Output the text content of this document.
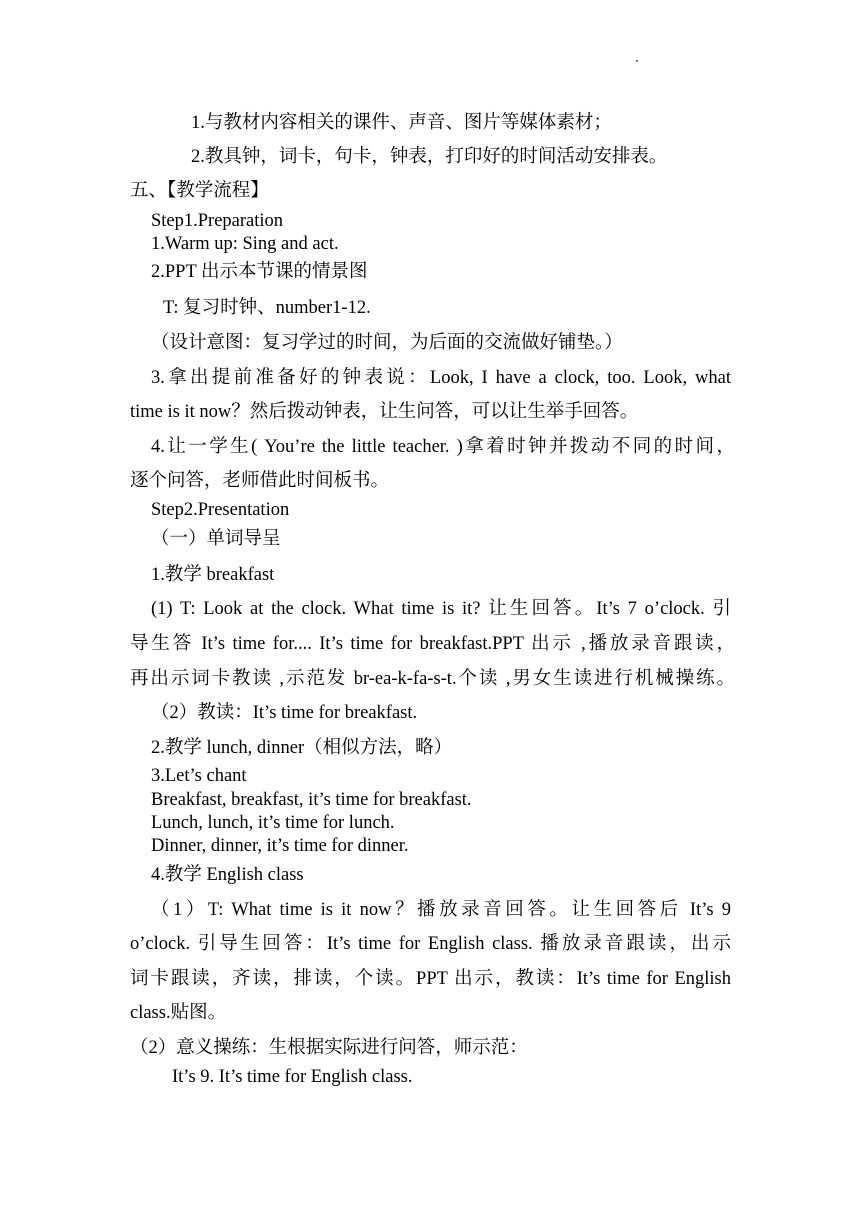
1.与教材内容相关的课件、声音、图片等媒体素材；
2.教具钟，词卡，句卡，钟表，打印好的时间活动安排表。
五、【教学流程】
Step1.Preparation
1.Warm up: Sing and act.
2.PPT 出示本节课的情景图
T: 复习时钟、number1-12.
（设计意图：复习学过的时间，为后面的交流做好铺垫。）
3.拿出提前准备好的钟表说：Look, I have a clock, too. Look, what
time is it now？然后拨动钟表，让生问答，可以让生举手回答。
4.让一学生( You’re the little teacher. )拿着时钟并拨动不同的时间，
逐个问答，老师借此时间板书。
Step2.Presentation
（一）单词导呈
1.教学 breakfast
(1) T: Look at the clock. What time is it? 让生回答。It’s 7 o’clock. 引
导生答 It’s time for.... It’s time for breakfast.PPT 出示 ,播放录音跟读，
再出示词卡教读 ,示范发 br-ea-k-fa-s-t.个读 ,男女生读进行机械操练。
（2）教读：It’s time for breakfast.
2.教学 lunch, dinner（相似方法，略）
3.Let’s chant
Breakfast, breakfast, it’s time for breakfast.
Lunch, lunch, it’s time for lunch.
Dinner, dinner, it’s time for dinner.
4.教学 English class
（1）T: What time is it now？播放录音回答。让生回答后 It’s 9
o’clock. 引导生回答：It’s time for English class. 播放录音跟读，出示
词卡跟读，齐读，排读，个读。PPT 出示，教读：It’s time for English
class.贴图。
（2）意义操练：生根据实际进行问答，师示范：
It’s 9. It’s time for English class.
